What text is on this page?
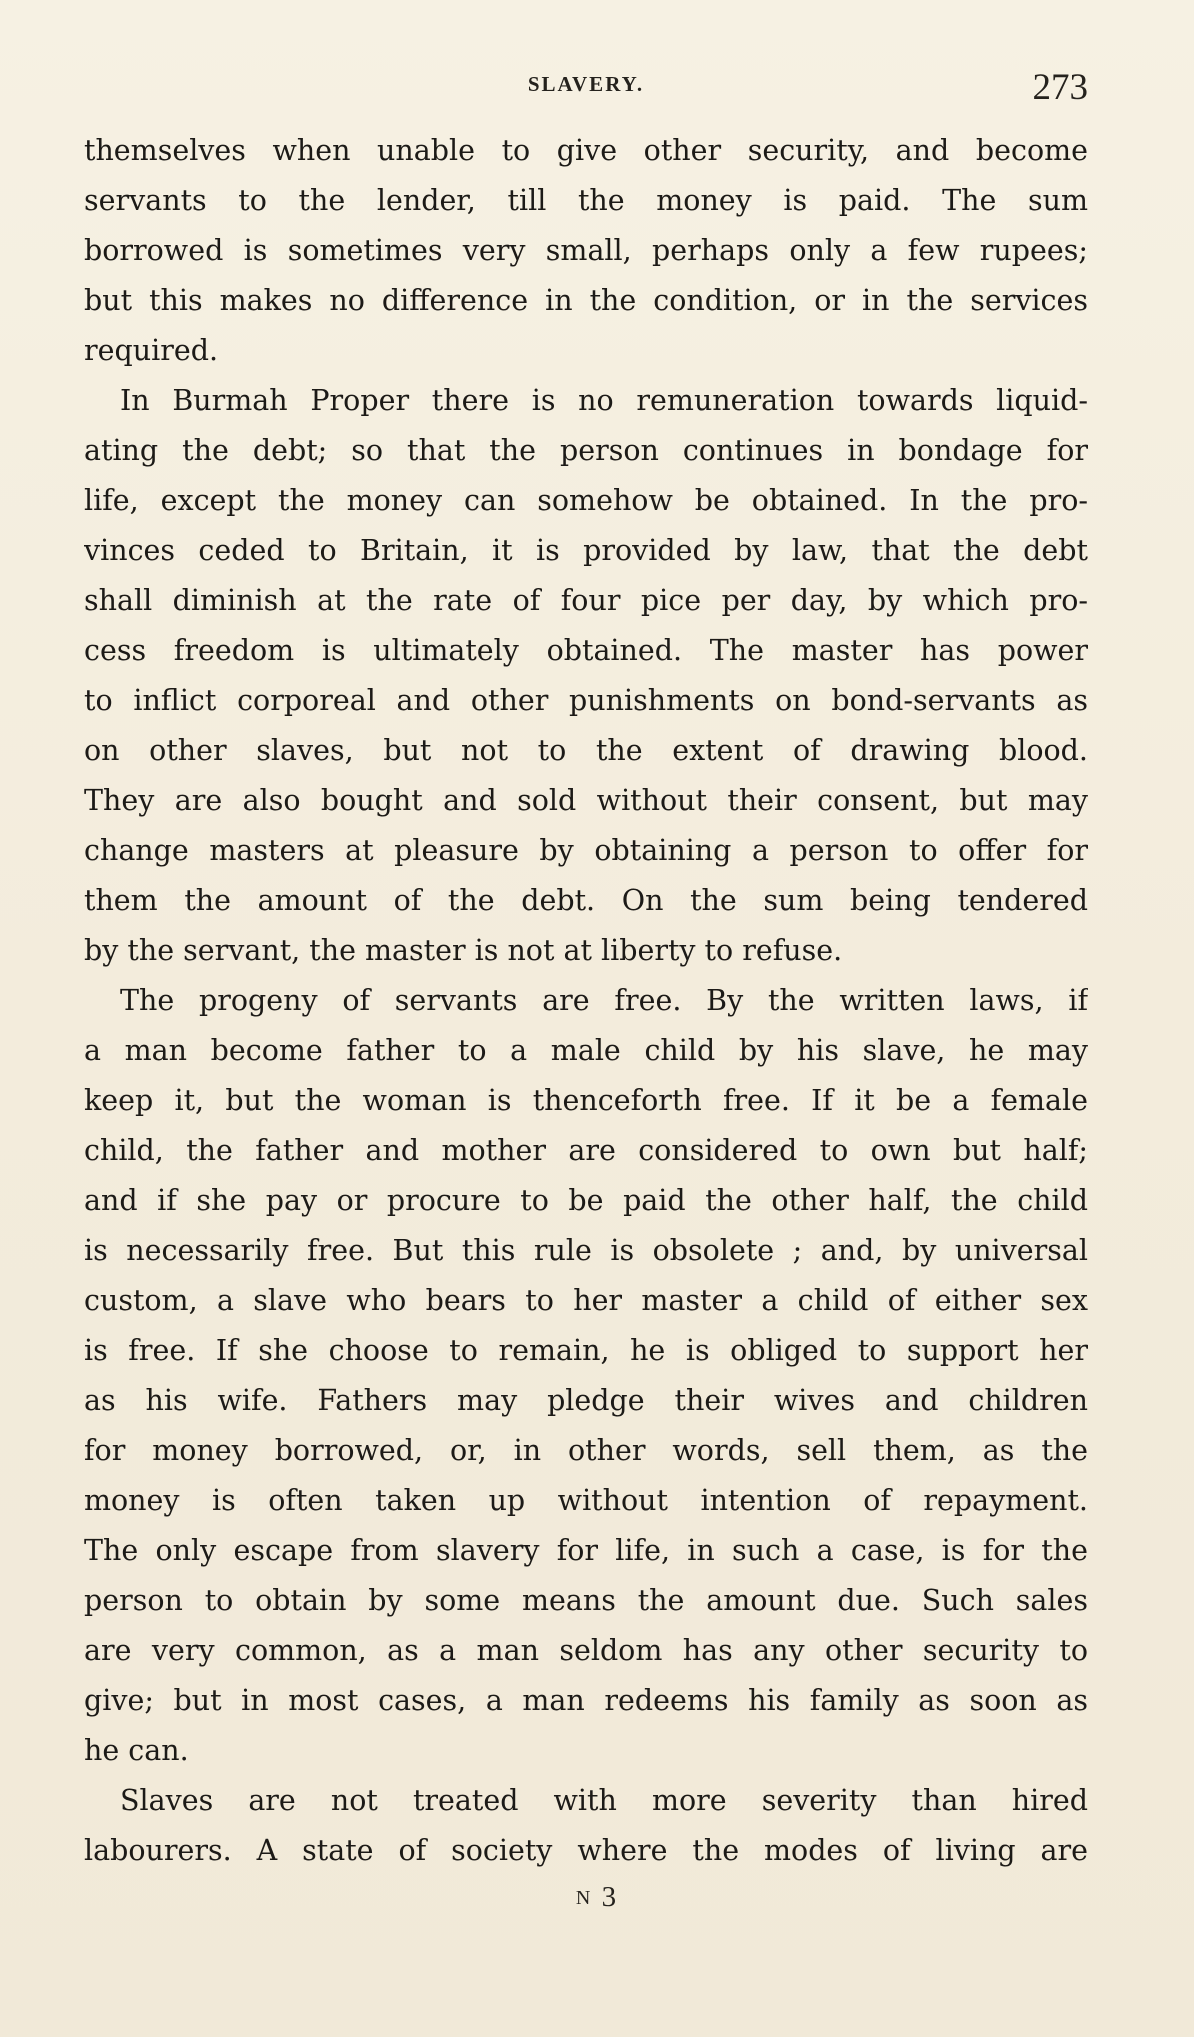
SLAVERY.	273
themselves when unable to give other security, and become
servants to the lender, till the money is paid. The sum
borrowed is sometimes very small, perhaps only a few rupees;
but this makes no difference in the condition, or in the services
required.
In Burmah Proper there is no remuneration towards liquid-
ating the debt; so that the person continues in bondage for
life, except the money can somehow be obtained. In the pro-
vinces ceded to Britain, it is provided by law, that the debt
shall diminish at the rate of four pice per day, by which pro-
cess freedom is ultimately obtained. The master has power
to inflict corporeal and other punishments on bond-servants as
on other slaves, but not to the extent of drawing blood.
They are also bought and sold without their consent, but may
change masters at pleasure by obtaining a person to offer for
them the amount of the debt. On the sum being tendered
by the servant, the master is not at liberty to refuse.
The progeny of servants are free. By the written laws, if
a man become father to a male child by his slave, he may
keep it, but the woman is thenceforth free. If it be a female
child, the father and mother are considered to own but half;
and if she pay or procure to be paid the other half, the child
is necessarily free. But this rule is obsolete ; and, by universal
custom, a slave who bears to her master a child of either sex
is free. If she choose to remain, he is obliged to support her
as his wife. Fathers may pledge their wives and children
for money borrowed, or, in other words, sell them, as the
money is often taken up without intention of repayment.
The only escape from slavery for life, in such a case, is for the
person to obtain by some means the amount due. Such sales
are very common, as a man seldom has any other security to
give; but in most cases, a man redeems his family as soon as
he can.
Slaves are not treated with more severity than hired
labourers. A state of society where the modes of living are
N 3
